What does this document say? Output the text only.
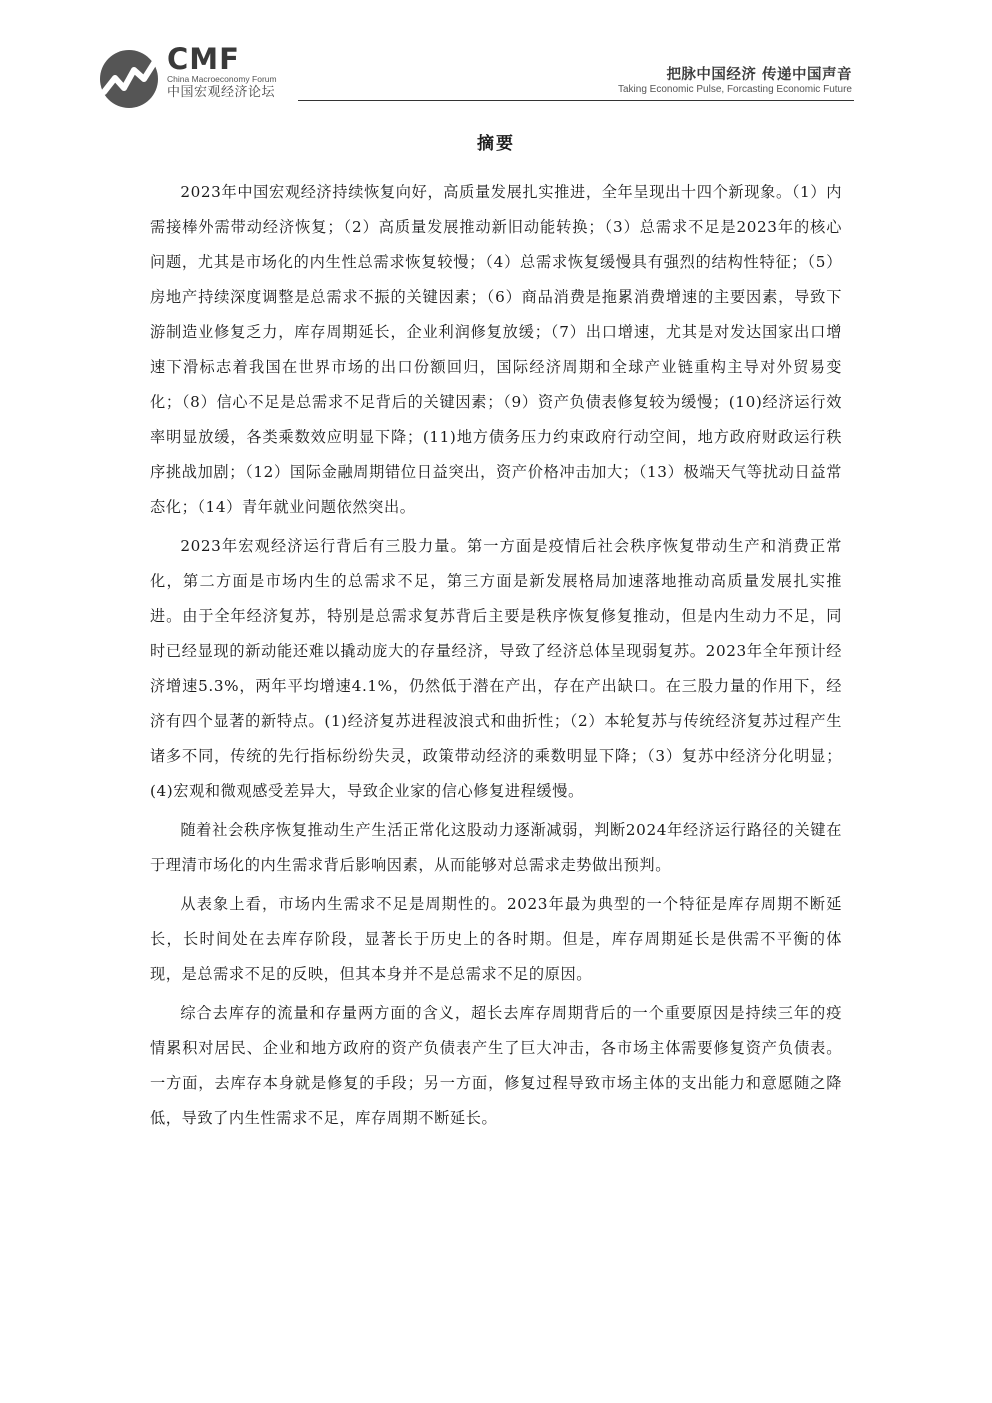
CMF

China Macroeconomy Forum

中国宏观经济论坛

把脉中国经济 传递中国声音
Taking Economic Pulse, Forcasting Economic Future
摘要

2023年中国宏观经济持续恢复向好，高质量发展扎实推进，全年呈现出十四个新现象。（1）内需接棒外需带动经济恢复；（2）高质量发展推动新旧动能转换；（3）总需求不足是2023年的核心问题，尤其是市场化的内生性总需求恢复较慢；（4）总需求恢复缓慢具有强烈的结构性特征；（5）房地产持续深度调整是总需求不振的关键因素；（6）商品消费是拖累消费增速的主要因素，导致下游制造业修复乏力，库存周期延长，企业利润修复放缓；（7）出口增速，尤其是对发达国家出口增速下滑标志着我国在世界市场的出口份额回归，国际经济周期和全球产业链重构主导对外贸易变化；（8）信心不足是总需求不足背后的关键因素；（9）资产负债表修复较为缓慢；(10)经济运行效率明显放缓，各类乘数效应明显下降；(11)地方债务压力约束政府行动空间，地方政府财政运行秩序挑战加剧；（12）国际金融周期错位日益突出，资产价格冲击加大；（13）极端天气等扰动日益常态化；（14）青年就业问题依然突出。

2023年宏观经济运行背后有三股力量。第一方面是疫情后社会秩序恢复带动生产和消费正常化，第二方面是市场内生的总需求不足，第三方面是新发展格局加速落地推动高质量发展扎实推进。由于全年经济复苏，特别是总需求复苏背后主要是秩序恢复修复推动，但是内生动力不足，同时已经显现的新动能还难以撬动庞大的存量经济，导致了经济总体呈现弱复苏。2023年全年预计经济增速5.3%，两年平均增速4.1%，仍然低于潜在产出，存在产出缺口。在三股力量的作用下，经济有四个显著的新特点。(1)经济复苏进程波浪式和曲折性；（2）本轮复苏与传统经济复苏过程产生诸多不同，传统的先行指标纷纷失灵，政策带动经济的乘数明显下降；（3）复苏中经济分化明显；(4)宏观和微观感受差异大，导致企业家的信心修复进程缓慢。

随着社会秩序恢复推动生产生活正常化这股动力逐渐减弱，判断2024年经济运行路径的关键在于理清市场化的内生需求背后影响因素，从而能够对总需求走势做出预判。

从表象上看，市场内生需求不足是周期性的。2023年最为典型的一个特征是库存周期不断延长，长时间处在去库存阶段，显著长于历史上的各时期。但是，库存周期延长是供需不平衡的体现，是总需求不足的反映，但其本身并不是总需求不足的原因。

综合去库存的流量和存量两方面的含义，超长去库存周期背后的一个重要原因是持续三年的疫情累积对居民、企业和地方政府的资产负债表产生了巨大冲击，各市场主体需要修复资产负债表。一方面，去库存本身就是修复的手段；另一方面，修复过程导致市场主体的支出能力和意愿随之降低，导致了内生性需求不足，库存周期不断延长。
